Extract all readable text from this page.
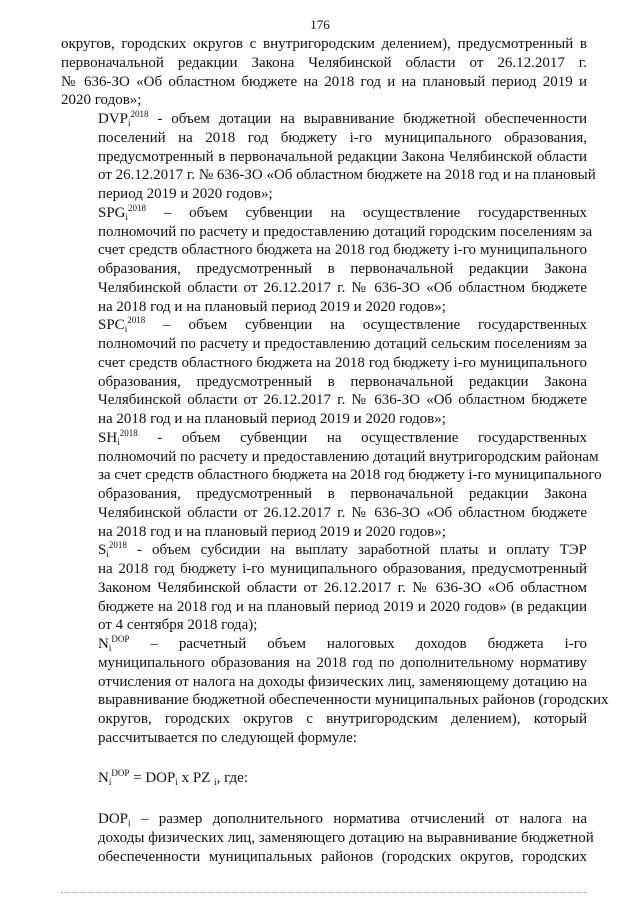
176
округов, городских округов с внутригородским делением), предусмотренный в
первоначальной редакции Закона Челябинской области от 26.12.2017 г.
№ 636-ЗО «Об областном бюджете на 2018 год и на плановый период 2019 и
2020 годов»;
$DVP_i^{2018}$ - объем дотации на выравнивание бюджетной обеспеченности
поселений на 2018 год бюджету i-го муниципального образования,
предусмотренный в первоначальной редакции Закона Челябинской области
от 26.12.2017 г. № 636-ЗО «Об областном бюджете на 2018 год и на плановый
период 2019 и 2020 годов»;
$SPG_i^{2018}$ – объем субвенции на осуществление государственных
полномочий по расчету и предоставлению дотаций городским поселениям за
счет средств областного бюджета на 2018 год бюджету i-го муниципального
образования, предусмотренный в первоначальной редакции Закона
Челябинской области от 26.12.2017 г. № 636-ЗО «Об областном бюджете
на 2018 год и на плановый период 2019 и 2020 годов»;
$SPC_i^{2018}$ – объем субвенции на осуществление государственных
полномочий по расчету и предоставлению дотаций сельским поселениям за
счет средств областного бюджета на 2018 год бюджету i-го муниципального
образования, предусмотренный в первоначальной редакции Закона
Челябинской области от 26.12.2017 г. № 636-ЗО «Об областном бюджете
на 2018 год и на плановый период 2019 и 2020 годов»;
$SH_i^{2018}$ - объем субвенции на осуществление государственных
полномочий по расчету и предоставлению дотаций внутригородским районам
за счет средств областного бюджета на 2018 год бюджету i-го муниципального
образования, предусмотренный в первоначальной редакции Закона
Челябинской области от 26.12.2017 г. № 636-ЗО «Об областном бюджете
на 2018 год и на плановый период 2019 и 2020 годов»;
$S_i^{2018}$ - объем субсидии на выплату заработной платы и оплату ТЭР
на 2018 год бюджету i-го муниципального образования, предусмотренный
Законом Челябинской области от 26.12.2017 г. № 636-ЗО «Об областном
бюджете на 2018 год и на плановый период 2019 и 2020 годов» (в редакции
от 4 сентября 2018 года);
$N_i^{DOP}$ – расчетный объем налоговых доходов бюджета i-го
муниципального образования на 2018 год по дополнительному нормативу
отчисления от налога на доходы физических лиц, заменяющему дотацию на
выравнивание бюджетной обеспеченности муниципальных районов (городских
округов, городских округов с внутригородским делением), который
рассчитывается по следующей формуле:
$N_i^{DOP} = DOP_i$ x PZ $_i$, где:
$DOP_i$ – размер дополнительного норматива отчислений от налога на
доходы физических лиц, заменяющего дотацию на выравнивание бюджетной
обеспеченности муниципальных районов (городских округов, городских
